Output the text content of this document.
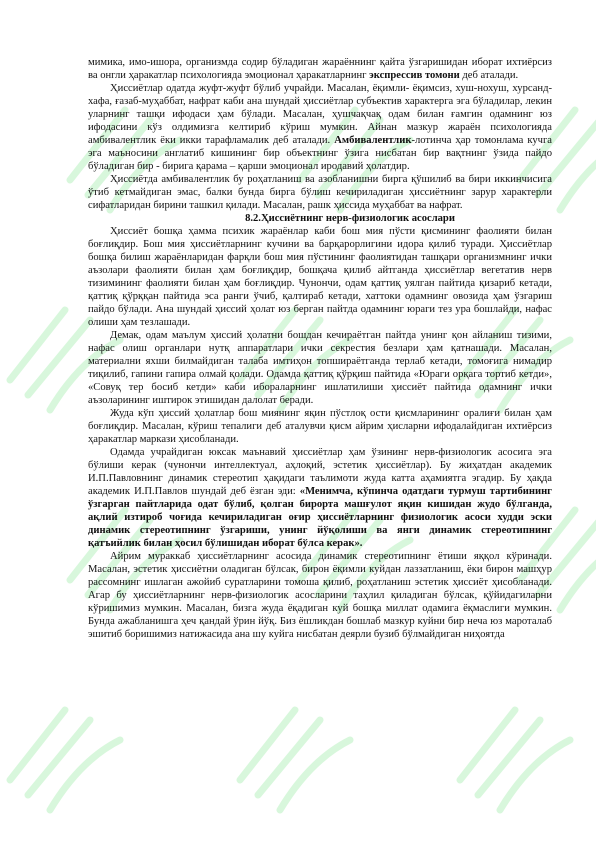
мимика, имо-ишора, организмда содир бўладиган жараённинг қайта ўзгаришидан иборат ихтиёрсиз ва онгли ҳаракатлар психологияда эмоционал ҳаракатларнинг экспрессив томони деб аталади.

Ҳиссиётлар одатда жуфт-жуфт бўлиб учрайди. Масалан, ёқимли- ёқимсиз, хуш-нохуш, хурсанд-хафа, ғазаб-муҳаббат, нафрат каби ана шундай ҳиссиётлар субъектив характерга эга бўладилар, лекин уларнинг ташқи ифодаси ҳам бўлади. Масалан, ҳушчақчақ одам билан ғамгин одамнинг юз ифодасини кўз олдимизга келтириб кўриш мумкин. Айнан мазкур жараён психологияда амбивалентлик ёки икки тарафламалик деб аталади. Амбивалентлик-лотинча ҳар томонлама кучга эга маъносини англатиб кишининг бир объектнинг ўзига нисбатан бир вақтнинг ўзида пайдо бўладиган бир - бирига қарама – қарши эмоционал иродавий ҳолатдир.

Ҳиссиётда амбивалентлик бу роҳатланиш ва азобланишни бирга қўшилиб ва бири иккинчисига ўтиб кетмайдиган эмас, балки бунда бирга бўлиш кечириладиган ҳиссиётнинг зарур характерли сифатларидан бирини ташкил қилади. Масалан, рашк ҳиссида муҳаббат ва нафрат.

8.2.Ҳиссиётнинг нерв-физиологик асослари

Ҳиссиёт бошқа ҳамма психик жараёнлар каби бош мия пўсти қисмининг фаолияти билан боғлиқдир. Бош мия ҳиссиётларнинг кучини ва барқарорлигини идора қилиб туради. Ҳиссиётлар бошқа билиш жараёнларидан фарқли бош мия пўстининг фаолиятидан ташқари организмнинг ички аъзолари фаолияти билан ҳам боғлиқдир, бошқача қилиб айтганда ҳиссиётлар вегетатив нерв тизимининг фаолияти билан ҳам боғлиқдир. Чунончи, одам қаттиқ уялган пайтида қизариб кетади, қаттиқ қўрққан пайтида эса ранги ўчиб, қалтираб кетади, хаттоки одамнинг овозида ҳам ўзгариш пайдо бўлади. Ана шундай ҳиссий ҳолат юз берган пайтда одамнинг юраги тез ура бошлайди, нафас олиши ҳам тезлашади.

Демак, одам маълум ҳиссий ҳолатни бошдан кечираётган пайтда унинг қон айланиш тизими, нафас олиш органлари нутқ аппаратлари ички секрестия безлари ҳам қатнашади. Масалан, материални яхши билмайдиган талаба имтиҳон топшираётганда терлаб кетади, томоғига нимадир тиқилиб, гапини гапира олмай қолади. Одамда қаттиқ қўрқиш пайтида «Юраги орқага тортиб кетди», «Совуқ тер босиб кетди» каби ибораларнинг ишлатилиши ҳиссиёт пайтида одамнинг ички аъзоларининг иштирок этишидан далолат беради.

Жуда кўп ҳиссий ҳолатлар бош миянинг яқин пўстлоқ ости қисмларининг оралиғи билан ҳам боғлиқдир. Масалан, кўриш тепалиги деб аталувчи қисм айрим ҳисларни ифодалайдиган ихтиёрсиз ҳаракатлар маркази ҳисобланади.

Одамда учрайдиган юксак маънавий ҳиссиётлар ҳам ўзининг нерв-физиологик асосига эга бўлиши керак (чунончи интеллектуал, аҳлоқий, эстетик ҳиссиётлар). Бу жиҳатдан академик И.П.Павловнинг динамик стереотип ҳақидаги таълимоти жуда катта аҳамиятга эгадир. Бу ҳақда академик И.П.Павлов шундай деб ёзган эди: «Менимча, кўпинча одатдаги турмуш тартибининг ўзгарган пайтларида одат бўлиб, қолган бирорта машғулот яқин кишидан жудо бўлганда, ақлий изтироб чоғида кечириладиган оғир ҳиссиётларнинг физиологик асоси худди эски динамик стереотипнинг ўзгариши, унинг йўқолиши ва янги динамик стереотипнинг қатъийлик билан ҳосил бўлишидан иборат бўлса керак».

Айрим мураккаб ҳиссиётларнинг асосида динамик стереотипнинг ётиши яққол кўринади. Масалан, эстетик ҳиссиётни оладиган бўлсак, бирон ёқимли куйдан лаззатланиш, ёки бирон машҳур рассомнинг ишлаган ажойиб суратларини томоша қилиб, роҳатланиш эстетик ҳиссиёт ҳисобланади. Агар бу ҳиссиётларнинг нерв-физиологик асосларини таҳлил қиладиган бўлсак, қўйидагиларни кўришимиз мумкин. Масалан, бизга жуда ёқадиган куй бошқа миллат одамига ёқмаслиги мумкин. Бунда ажабланишга ҳеч қандай ўрин йўқ. Биз ёшликдан бошлаб мазкур куйни бир неча юз мароталаб эшитиб боришимиз натижасида ана шу куйга нисбатан деярли бузиб бўлмайдиган ниҳоятда
